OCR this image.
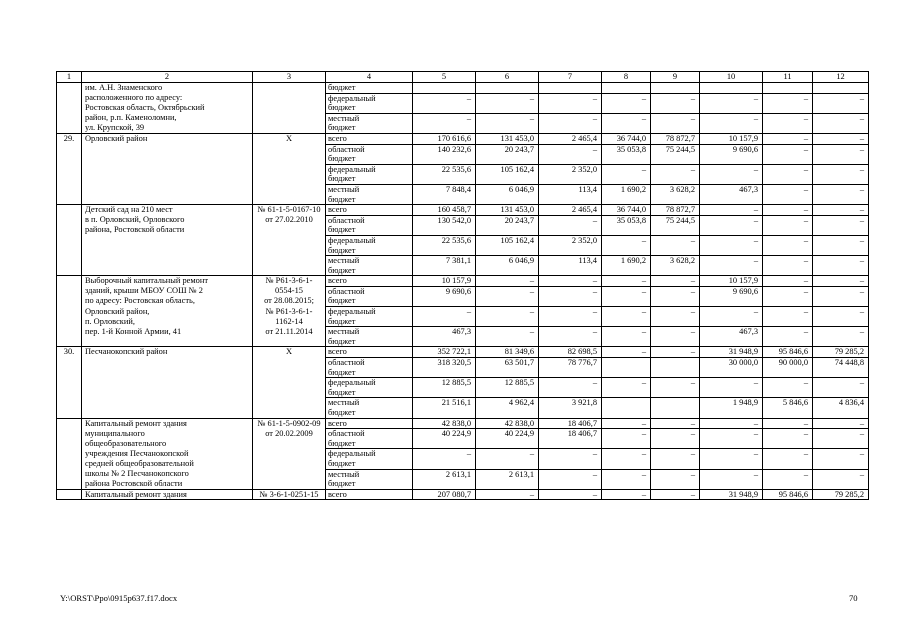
1	2	3	4	5	6	7	8	9	10	11	12
	им. А.Н. Знаменского		бюджет								
	расположенного по адресу:		федеральный	–	–	–	–	–	–	–	–
	Ростовская область, Октябрьский		бюджет								
	район, р.п. Каменоломни,		местный	–	–	–	–	–	–	–	–
	ул. Крупской, 39		бюджет								
29.	Орловский район	X	всего	170 616,6	131 453,0	2 465,4	36 744,0	78 872,7	10 157,9	–	–
			областной	140 232,6	20 243,7	–	35 053,8	75 244,5	9 690,6	–	–
			бюджет								
			федеральный	22 535,6	105 162,4	2 352,0	–	–	–	–	–
			бюджет								
			местный	7 848,4	6 046,9	113,4	1 690,2	3 628,2	467,3	–	–
			бюджет								
	Детский сад на 210 мест	№ 61-1-5-0167-10	всего	160 458,7	131 453,0	2 465,4	36 744,0	78 872,7	–	–	–
	в п. Орловский, Орловского	от 27.02.2010	областной	130 542,0	20 243,7	–	35 053,8	75 244,5	–	–	–
	района, Ростовской области		бюджет								
			федеральный	22 535,6	105 162,4	2 352,0	–	–	–	–	–
			бюджет								
			местный	7 381,1	6 046,9	113,4	1 690,2	3 628,2	–	–	–
			бюджет								
	Выборочный капитальный ремонт	№ Р61-3-6-1-	всего	10 157,9	–	–	–	–	10 157,9	–	–
	зданий, крыши МБОУ СОШ № 2	0554-15	областной	9 690,6	–	–	–	–	9 690,6	–	–
	по адресу: Ростовская область,	от 28.08.2015;	бюджет								
	Орловский район,	№ Р61-3-6-1-	федеральный	–	–	–	–	–	–	–	–
	п. Орловский,	1162-14	бюджет								
	пер. 1-й Конной Армии, 41	от 21.11.2014	местный	467,3	–	–	–	–	467,3	–	–
			бюджет								
30.	Песчанокопский район	X	всего	352 722,1	81 349,6	82 698,5	–	–	31 948,9	95 846,6	79 285,2
			областной	318 320,5	63 501,7	78 776,7			30 000,0	90 000,0	74 448,8
			бюджет								
			федеральный	12 885,5	12 885,5	–	–	–	–	–	–
			бюджет								
			местный	21 516,1	4 962,4	3 921,8			1 948,9	5 846,6	4 836,4
			бюджет								
	Капитальный ремонт здания	№ 61-1-5-0902-09	всего	42 838,0	42 838,0	18 406,7	–	–	–	–	–
	муниципального	от 20.02.2009	областной	40 224,9	40 224,9	18 406,7	–	–	–	–	–
	общеобразовательного		бюджет								
	учреждения Песчанокопской		федеральный	–	–	–	–	–	–	–	–
	средней общеобразовательной		бюджет								
	школы № 2 Песчанокопского		местный	2 613,1	2 613,1	–	–	–	–	–	–
	района Ростовской области		бюджет								
	Капитальный ремонт здания	№ 3-6-1-0251-15	всего	207 080,7	–	–	–	–	31 948,9	95 846,6	79 285,2
Y:\ORST\Ppo\0915p637.f17.docx	70
